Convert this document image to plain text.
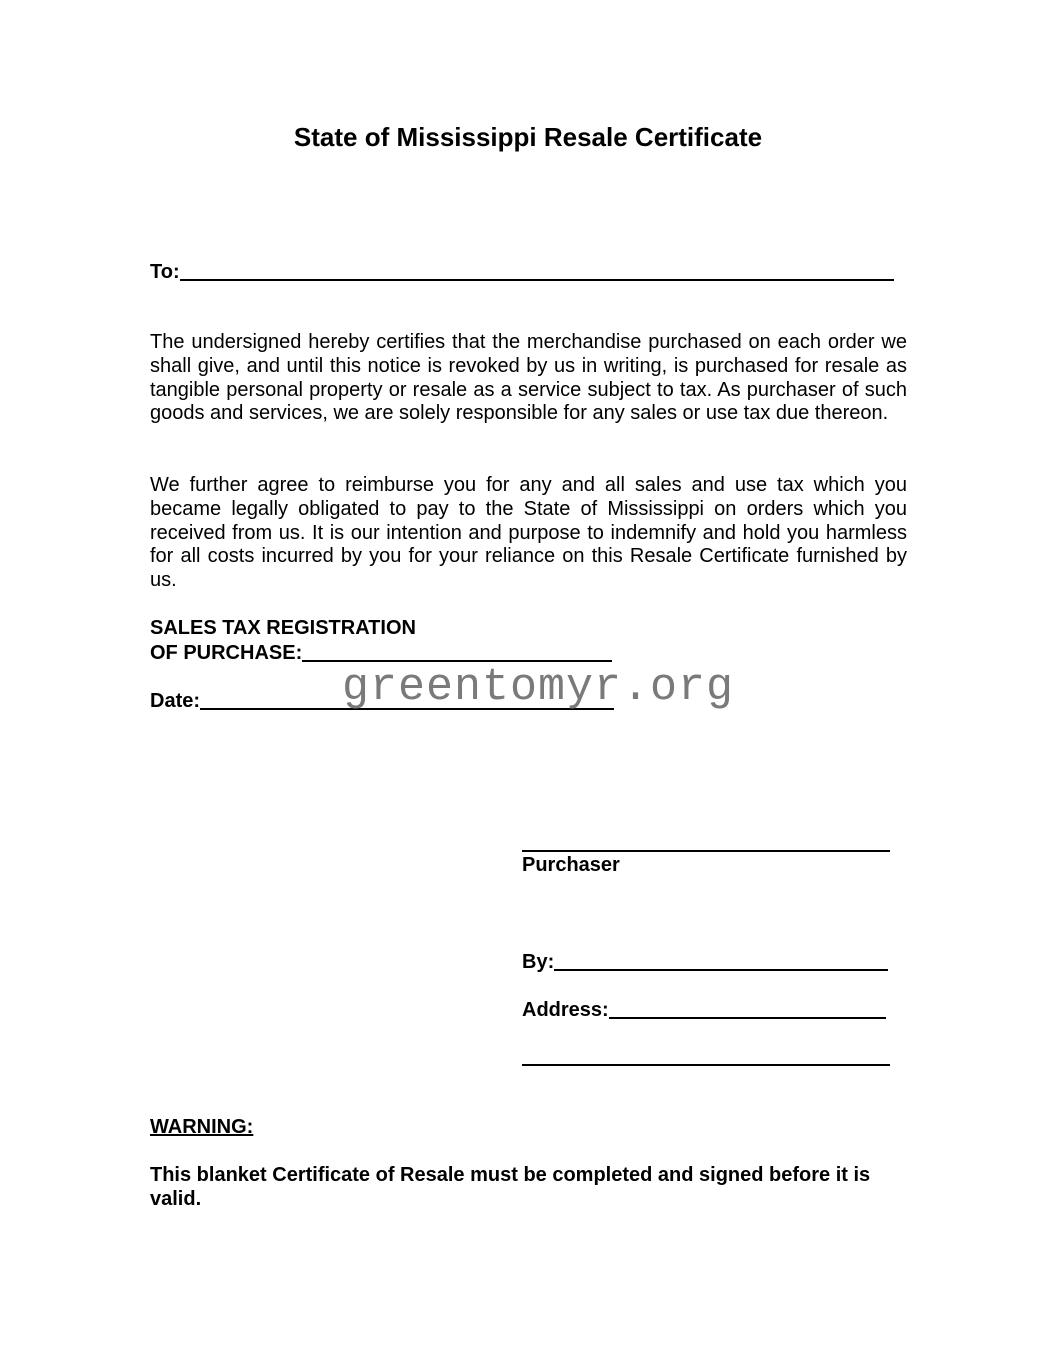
State of Mississippi Resale Certificate
To:

The undersigned hereby certifies that the merchandise purchased on each order we shall give, and until this notice is revoked by us in writing, is purchased for resale as tangible personal property or resale as a service subject to tax. As purchaser of such goods and services, we are solely responsible for any sales or use tax due thereon.

We further agree to reimburse you for any and all sales and use tax which you became legally obligated to pay to the State of Mississippi on orders which you received from us. It is our intention and purpose to indemnify and hold you harmless for all costs incurred by you for your reliance on this Resale Certificate furnished by us.

SALES TAX REGISTRATION

OF PURCHASE:
Date:	greentomyr.org

Purchaser

By:
Address:
WARNING:

This blanket Certificate of Resale must be completed and signed before it is valid.
